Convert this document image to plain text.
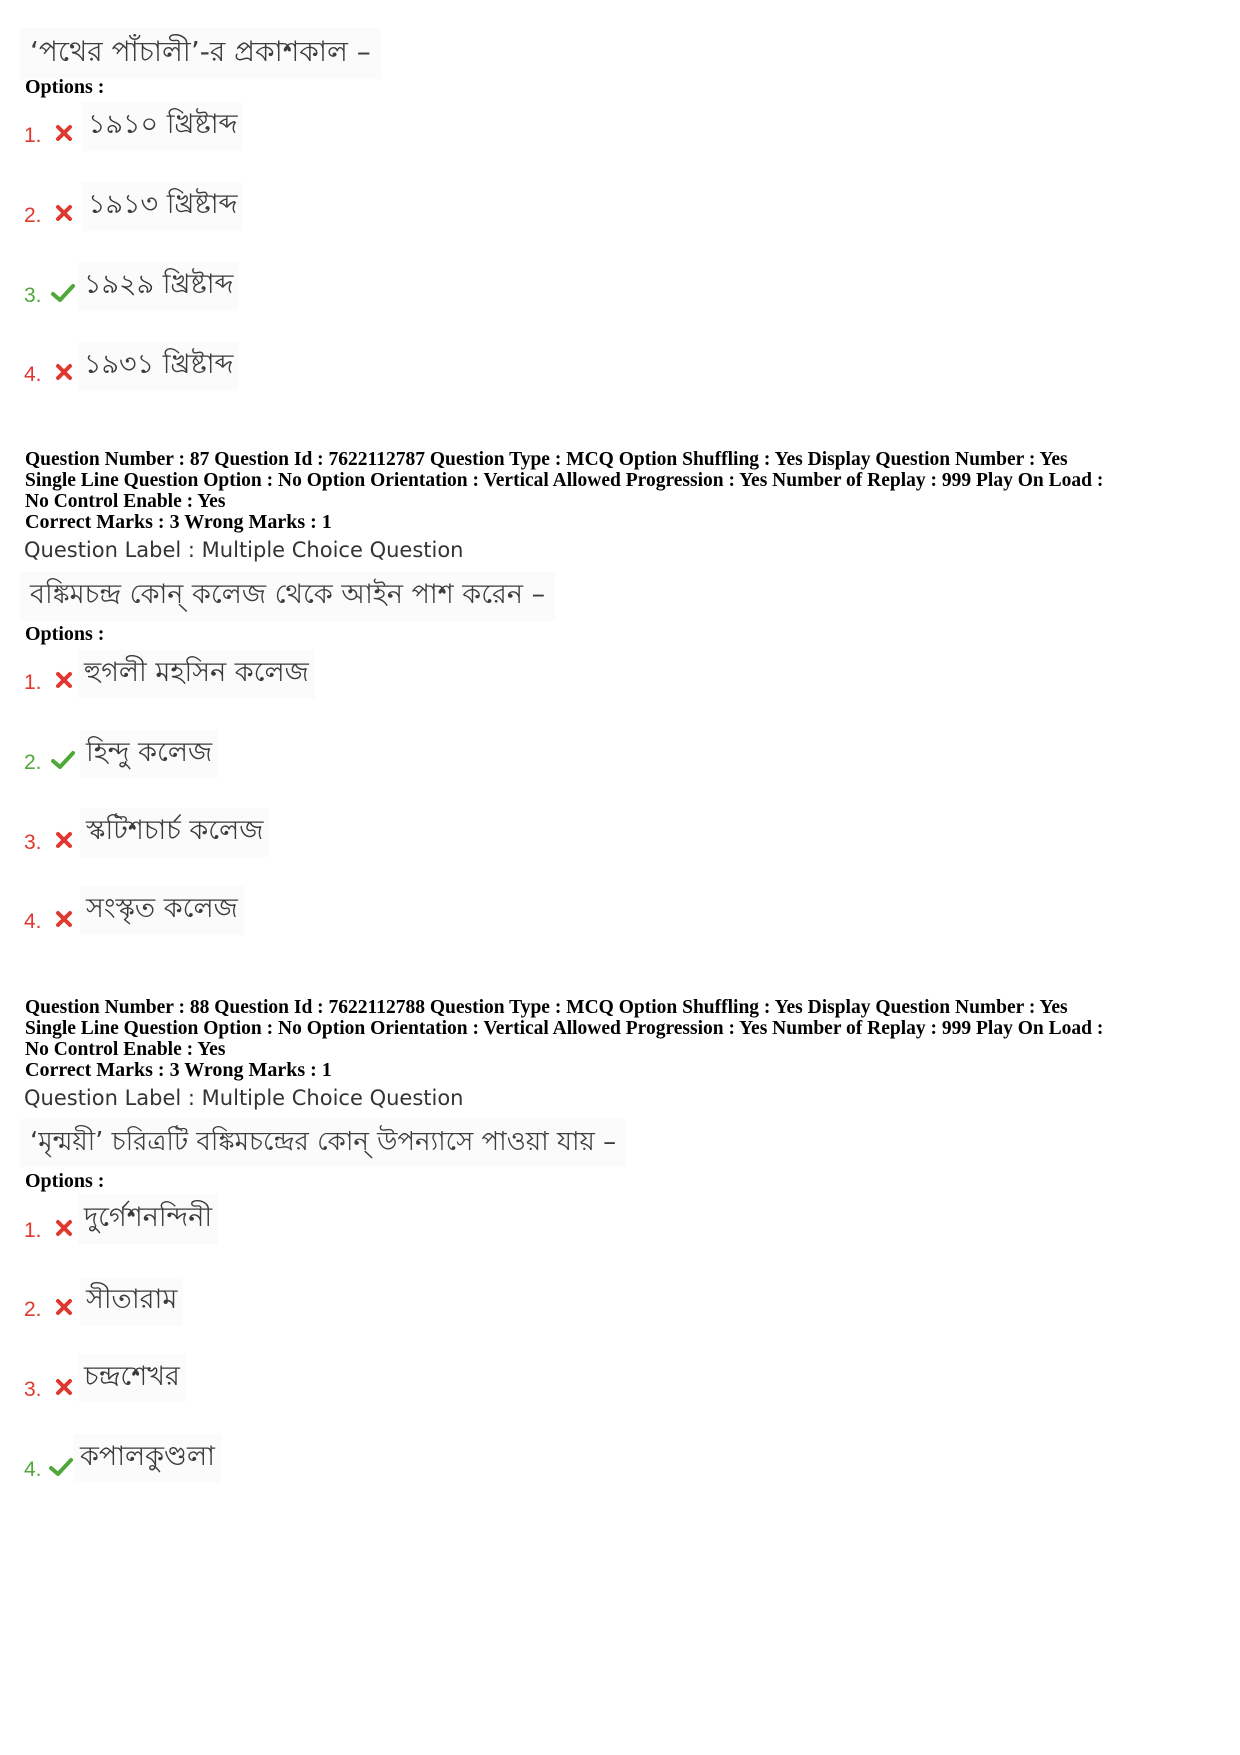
‘পথের পাঁচালী’-র প্রকাশকাল –
Options :
1. ১৯১০ খ্রিষ্টাব্দ
2. ১৯১৩ খ্রিষ্টাব্দ
3. ১৯২৯ খ্রিষ্টাব্দ
4. ১৯৩১ খ্রিষ্টাব্দ
Question Number : 87 Question Id : 7622112787 Question Type : MCQ Option Shuffling : Yes Display Question Number : Yes
Single Line Question Option : No Option Orientation : Vertical Allowed Progression : Yes Number of Replay : 999 Play On Load :
No Control Enable : Yes
Correct Marks : 3 Wrong Marks : 1
Question Label : Multiple Choice Question
বঙ্কিমচন্দ্র কোন্ কলেজ থেকে আইন পাশ করেন –
Options :
1. হুগলী মহসিন কলেজ
2. হিন্দু কলেজ
3. স্কটিশচার্চ কলেজ
4. সংস্কৃত কলেজ
Question Number : 88 Question Id : 7622112788 Question Type : MCQ Option Shuffling : Yes Display Question Number : Yes
Single Line Question Option : No Option Orientation : Vertical Allowed Progression : Yes Number of Replay : 999 Play On Load :
No Control Enable : Yes
Correct Marks : 3 Wrong Marks : 1
Question Label : Multiple Choice Question
‘মৃন্ময়ী’ চরিত্রটি বঙ্কিমচন্দ্রের কোন্ উপন্যাসে পাওয়া যায় –
Options :
1. দুর্গেশনন্দিনী
2. সীতারাম
3. চন্দ্রশেখর
4. কপালকুণ্ডলা
